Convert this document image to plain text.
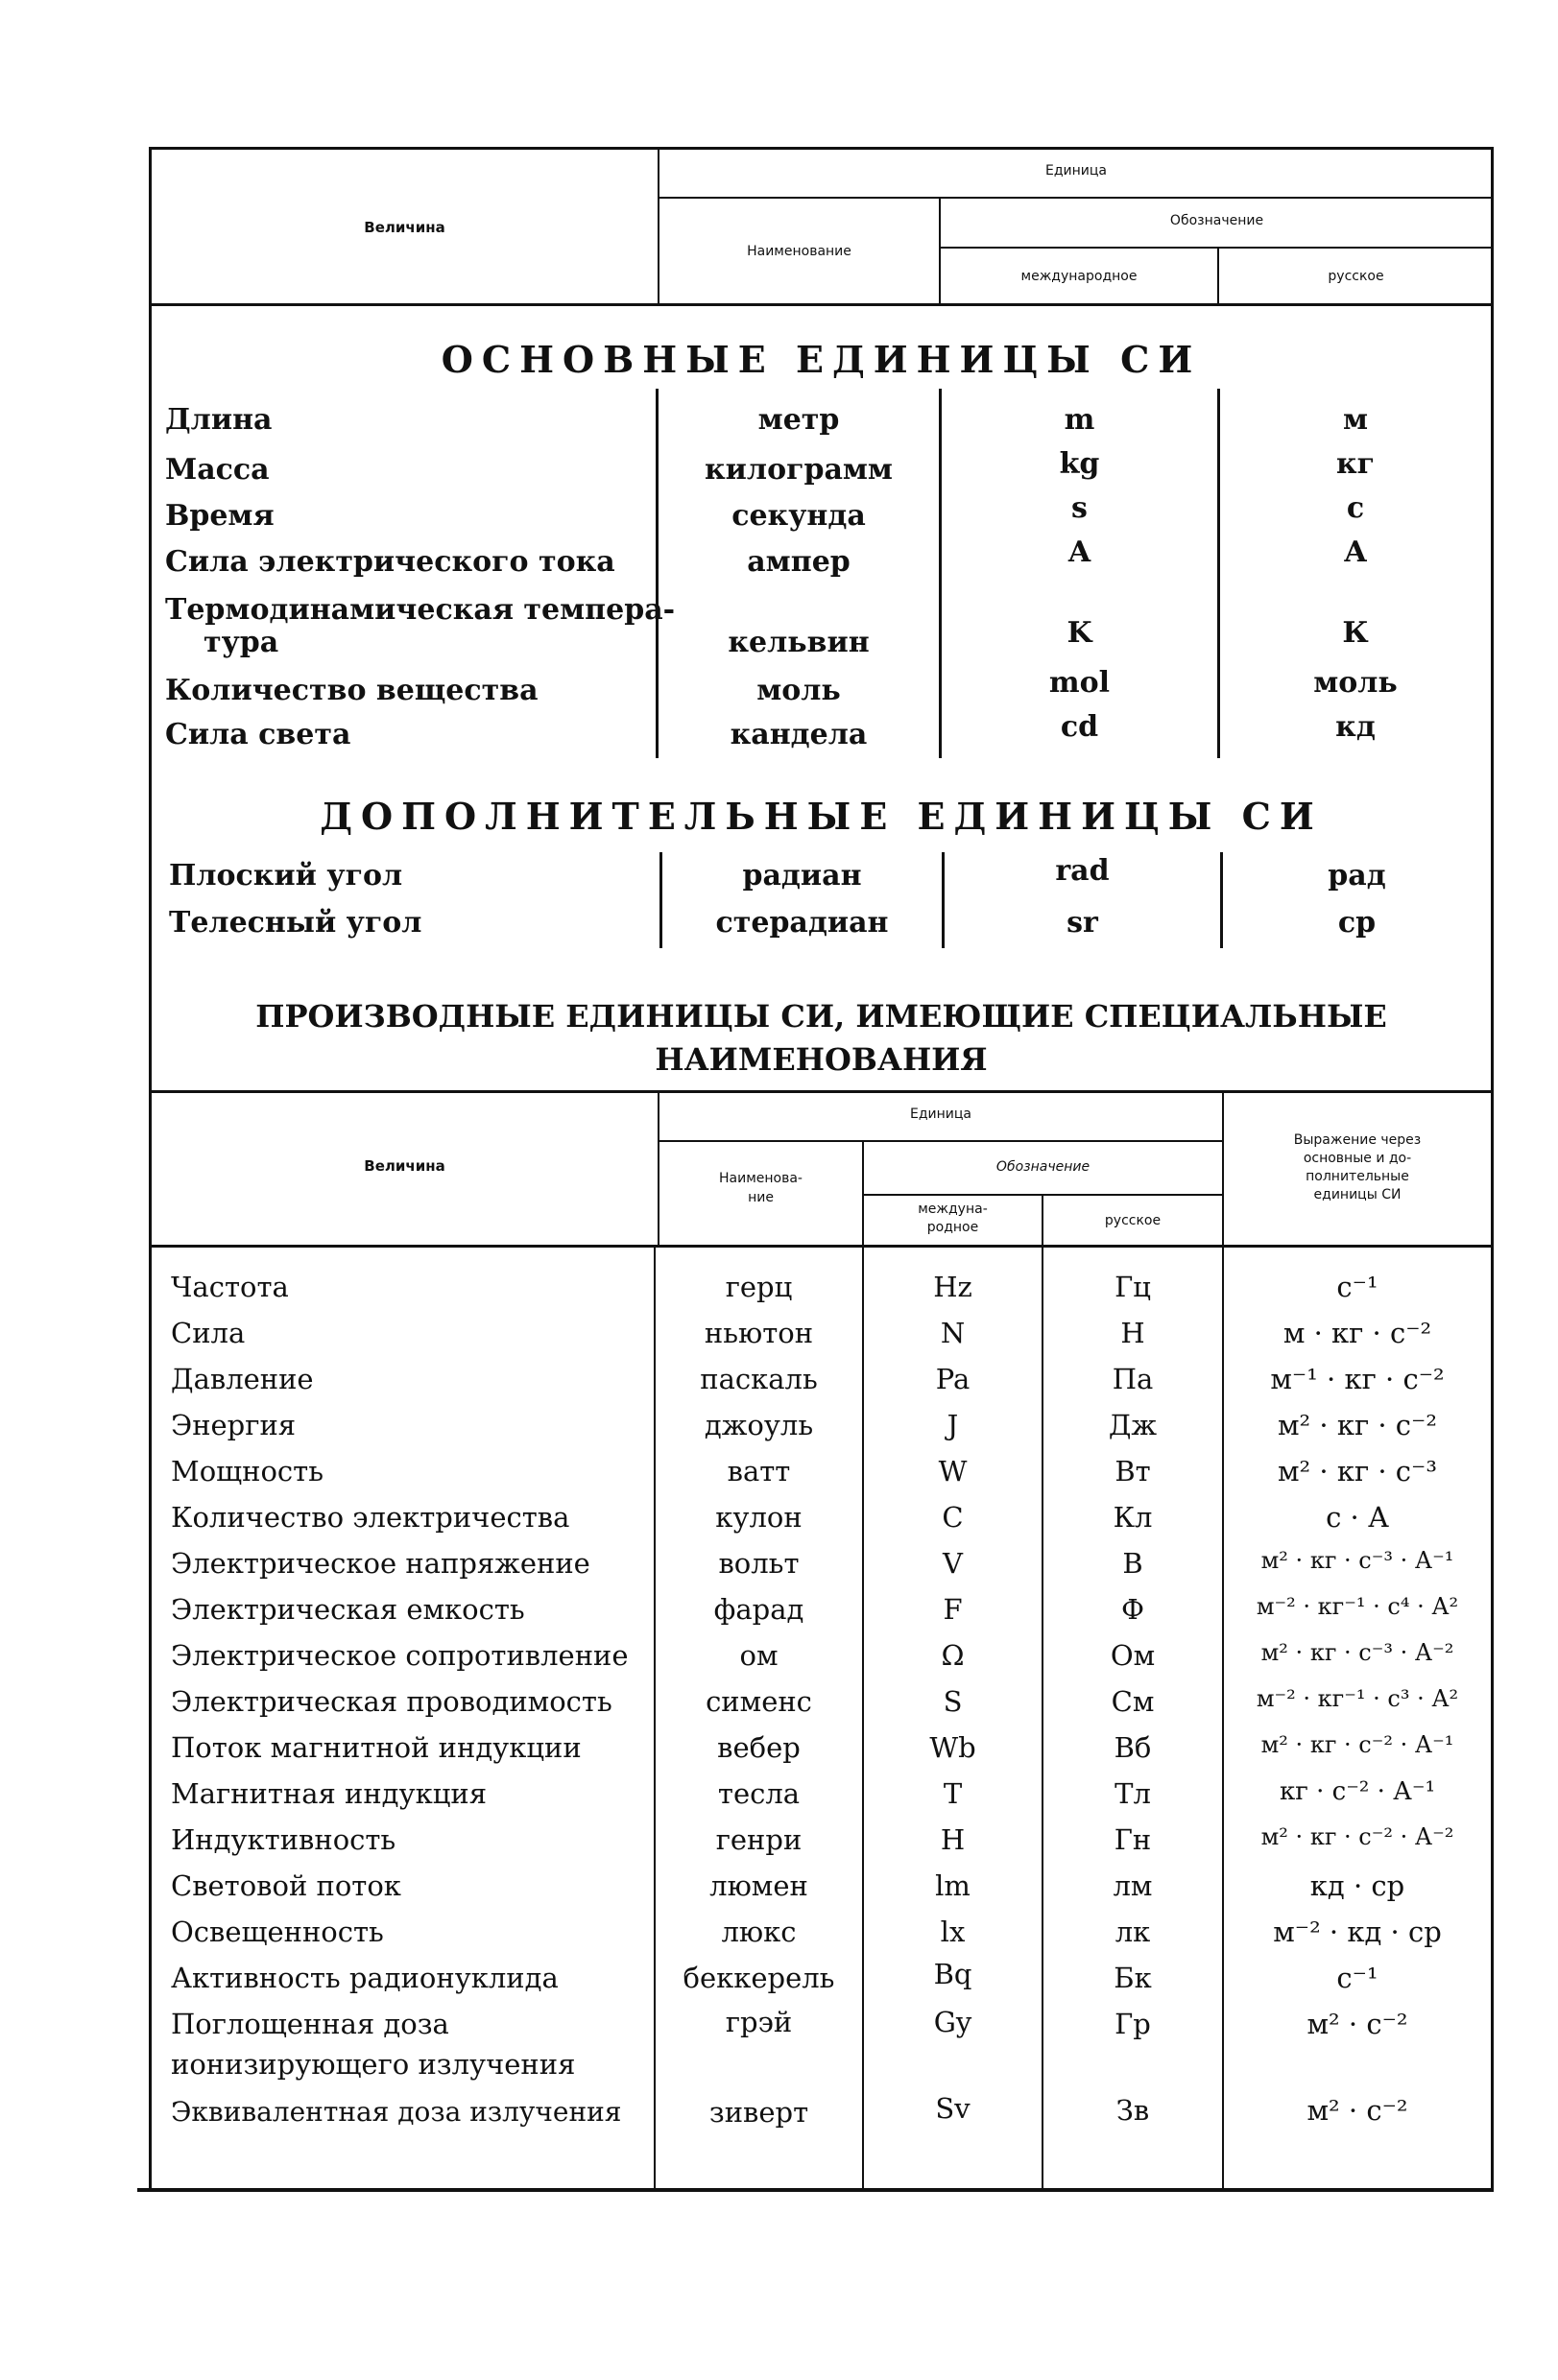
Величина
Единица
Наименование
Обозначение
международное	русское
ОСНОВНЫЕ ЕДИНИЦЫ СИ
Длина	метр	m	м
Масса	килограмм	kg	кг
Время	секунда	s	с
Сила электрического тока	ампер	A	A
Термодинамическая темпера-
тура	кельвин	K	К
Количество вещества	моль	mol	моль
Сила света	кандела	cd	кд
ДОПОЛНИТЕЛЬНЫЕ ЕДИНИЦЫ СИ
Плоский угол	радиан	rad	рад
Телесный угол	стерадиан	sr	ср
ПРОИЗВОДНЫЕ ЕДИНИЦЫ СИ, ИМЕЮЩИЕ СПЕЦИАЛЬНЫЕ
НАИМЕНОВАНИЯ
Величина
Единица
Наименова-
ние
Обозначение
междуна-
родное	русское
Выражение через
основные и до-
полнительные
единицы СИ
Частота	герц	Hz	Гц	с⁻¹
Сила	ньютон	N	Н	м · кг · с⁻²
Давление	паскаль	Pa	Па	м⁻¹ · кг · с⁻²
Энергия	джоуль	J	Дж	м² · кг · с⁻²
Мощность	ватт	W	Вт	м² · кг · с⁻³
Количество электричества	кулон	C	Кл	с · А
Электрическое напряжение	вольт	V	В	м² · кг · с⁻³ · А⁻¹
Электрическая емкость	фарад	F	Ф	м⁻² · кг⁻¹ · с⁴ · А²
Электрическое сопротивление	ом	Ω	Ом	м² · кг · с⁻³ · А⁻²
Электрическая проводимость	сименс	S	См	м⁻² · кг⁻¹ · с³ · А²
Поток магнитной индукции	вебер	Wb	Вб	м² · кг · с⁻² · А⁻¹
Магнитная индукция	тесла	T	Тл	кг · с⁻² · А⁻¹
Индуктивность	генри	H	Гн	м² · кг · с⁻² · А⁻²
Световой поток	люмен	lm	лм	кд · ср
Освещенность	люкс	lx	лк	м⁻² · кд · ср
Активность радионуклида	беккерель	Bq	Бк	с⁻¹
Поглощенная доза
ионизирующего излучения
грэй	Gy	Гр	м² · с⁻²
Эквивалентная доза излучения	зиверт	Sv	Зв	м² · с⁻²
